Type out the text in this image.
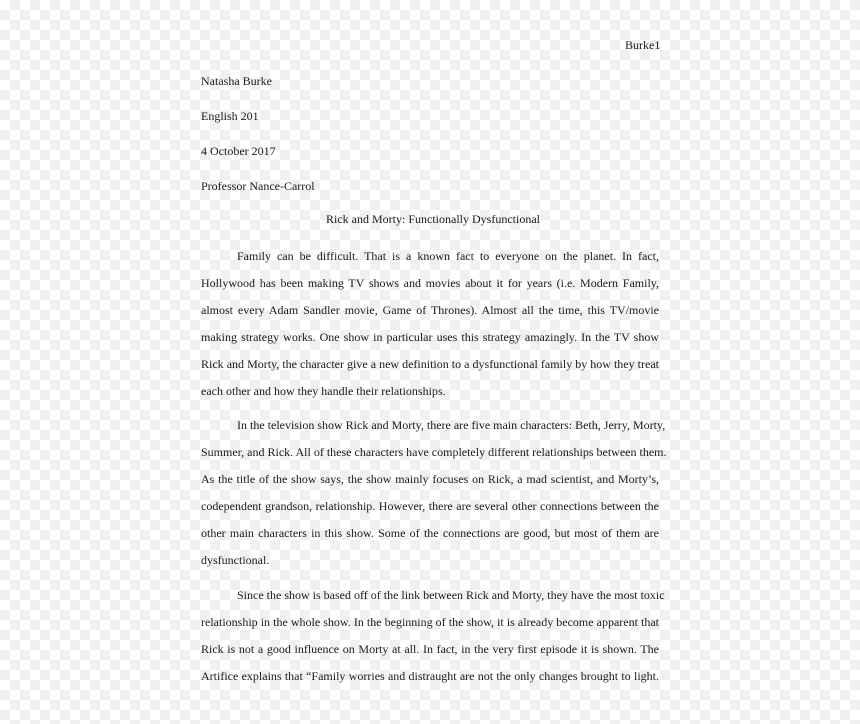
Burke1
Natasha Burke
English 201
4 October 2017
Professor Nance-Carrol
Rick and Morty: Functionally Dysfunctional
Family can be difficult. That is a known fact to everyone on the planet. In fact,
Hollywood has been making TV shows and movies about it for years (i.e. Modern Family,
almost every Adam Sandler movie, Game of Thrones). Almost all the time, this TV/movie
making strategy works. One show in particular uses this strategy amazingly. In the TV show
Rick and Morty, the character give a new definition to a dysfunctional family by how they treat
each other and how they handle their relationships.
In the television show Rick and Morty, there are five main characters: Beth, Jerry, Morty,
Summer, and Rick. All of these characters have completely different relationships between them.
As the title of the show says, the show mainly focuses on Rick, a mad scientist, and Morty’s,
codependent grandson, relationship. However, there are several other connections between the
other main characters in this show. Some of the connections are good, but most of them are
dysfunctional.
Since the show is based off of the link between Rick and Morty, they have the most toxic
relationship in the whole show. In the beginning of the show, it is already become apparent that
Rick is not a good influence on Morty at all. In fact, in the very first episode it is shown. The
Artifice explains that “Family worries and distraught are not the only changes brought to light.
